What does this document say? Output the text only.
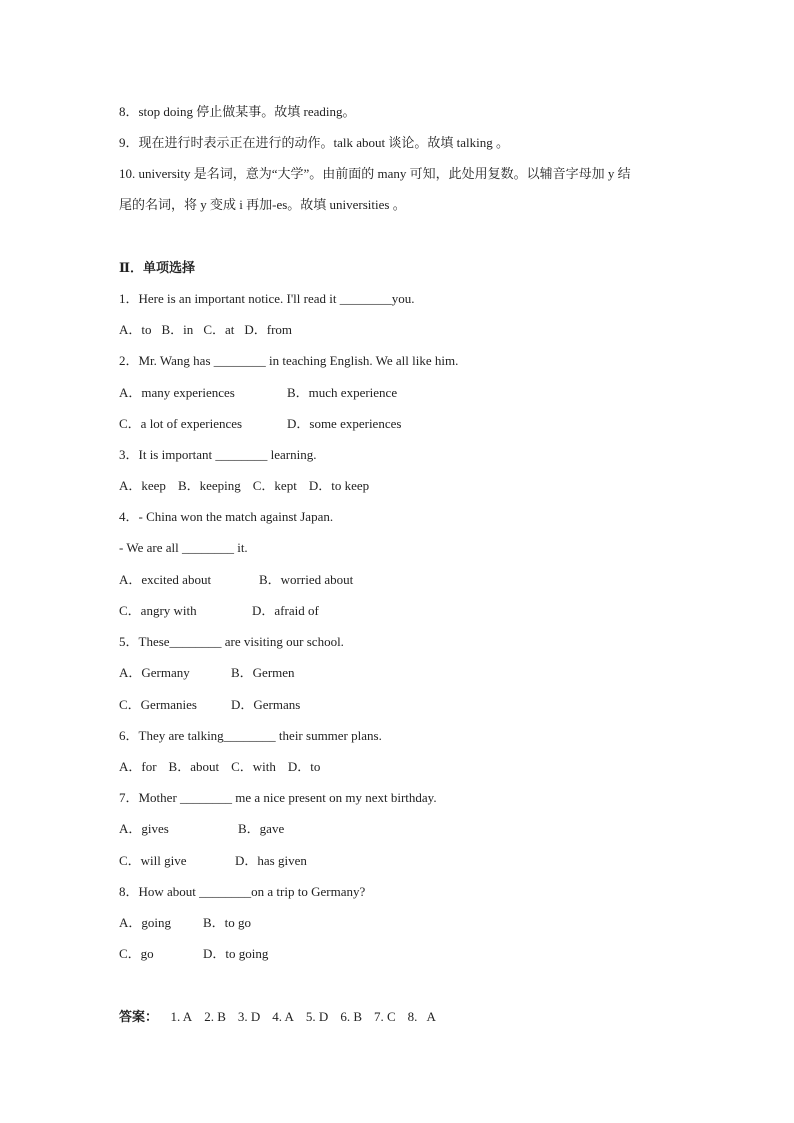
8．stop doing 停止做某事。故填 reading。
9．现在进行时表示正在进行的动作。talk about 谈论。故填 talking 。
10. university 是名词，意为“大学”。由前面的 many 可知，此处用复数。以辅音字母加 y 结
尾的名词，将 y 变成 i 再加-es。故填 universities 。
Ⅱ．单项选择
1．Here is an important notice. I'll read it ________you.
A．to B．in C．at D．from
2．Mr. Wang has ________ in teaching English. We all like him.
A．many experiences	B．much experience
C．a lot of experiences	D．some experiences
3．It is important ________ learning.
A．keep B．keeping C．kept D．to keep
4．- China won the match against Japan.
- We are all ________ it.
A．excited about	B．worried about
C．angry with	D．afraid of
5．These________ are visiting our school.
A．Germany	B．Germen
C．Germanies	D．Germans
6．They are talking________ their summer plans.
A．for B．about C．with D．to
7．Mother ________ me a nice present on my next birthday.
A．gives	B．gave
C．will give	D．has given
8．How about ________on a trip to Germany?
A．going B．to go
C．go	D．to going
答案： 1. A 2. B 3. D 4. A 5. D 6. B 7. C 8.   A
